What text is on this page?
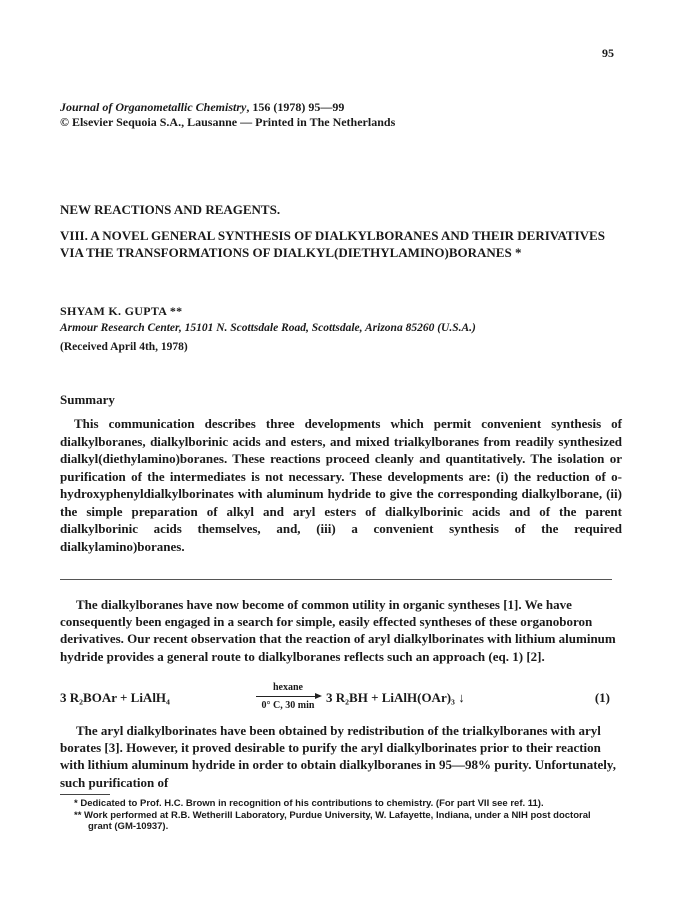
95
Journal of Organometallic Chemistry, 156 (1978) 95—99
© Elsevier Sequoia S.A., Lausanne — Printed in The Netherlands
NEW REACTIONS AND REAGENTS.
VIII. A NOVEL GENERAL SYNTHESIS OF DIALKYLBORANES AND THEIR DERIVATIVES VIA THE TRANSFORMATIONS OF DIALKYL(DIETHYLAMINO)BORANES *
SHYAM K. GUPTA **
Armour Research Center, 15101 N. Scottsdale Road, Scottsdale, Arizona 85260 (U.S.A.)
(Received April 4th, 1978)
Summary

This communication describes three developments which permit convenient synthesis of dialkylboranes, dialkylborinic acids and esters, and mixed trialkylboranes from readily synthesized dialkyl(diethylamino)boranes. These reactions proceed cleanly and quantitatively. The isolation or purification of the intermediates is not necessary. These developments are: (i) the reduction of o-hydroxyphenyldialkylborinates with aluminum hydride to give the corresponding dialkylborane, (ii) the simple preparation of alkyl and aryl esters of dialkylborinic acids and of the parent dialkylborinic acids themselves, and, (iii) a convenient synthesis of the required dialkylamino)boranes.

The dialkylboranes have now become of common utility in organic syntheses [1]. We have consequently been engaged in a search for simple, easily effected syntheses of these organoboron derivatives. Our recent observation that the reaction of aryl dialkylborinates with lithium aluminum hydride provides a general route to dialkylboranes reflects such an approach (eq. 1) [2].

3 R₂BOAr + LiAlH₄
hexane
0° C, 30 min
3 R₂BH + LiAlH(OAr)₃ ↓	(1)

The aryl dialkylborinates have been obtained by redistribution of the trialkylboranes with aryl borates [3]. However, it proved desirable to purify the aryl dialkylborinates prior to their reaction with lithium aluminum hydride in order to obtain dialkylboranes in 95—98% purity. Unfortunately, such purification of

* Dedicated to Prof. H.C. Brown in recognition of his contributions to chemistry. (For part VII see ref. 11).

** Work performed at R.B. Wetherill Laboratory, Purdue University, W. Lafayette, Indiana, under a NIH post doctoral grant (GM-10937).
